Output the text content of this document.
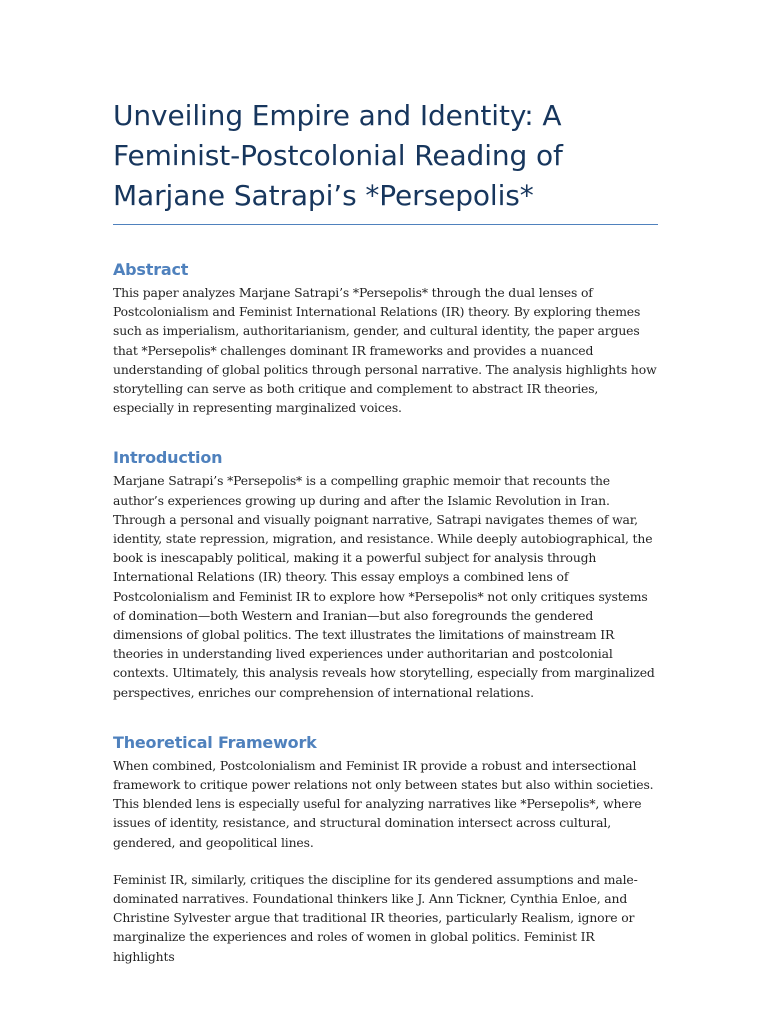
Unveiling Empire and Identity: A Feminist-Postcolonial Reading of Marjane Satrapi’s *Persepolis*
Abstract

This paper analyzes Marjane Satrapi’s *Persepolis* through the dual lenses of Postcolonialism and Feminist International Relations (IR) theory. By exploring themes such as imperialism, authoritarianism, gender, and cultural identity, the paper argues that *Persepolis* challenges dominant IR frameworks and provides a nuanced understanding of global politics through personal narrative. The analysis highlights how storytelling can serve as both critique and complement to abstract IR theories, especially in representing marginalized voices.

Introduction

Marjane Satrapi’s *Persepolis* is a compelling graphic memoir that recounts the author’s experiences growing up during and after the Islamic Revolution in Iran. Through a personal and visually poignant narrative, Satrapi navigates themes of war, identity, state repression, migration, and resistance. While deeply autobiographical, the book is inescapably political, making it a powerful subject for analysis through International Relations (IR) theory. This essay employs a combined lens of Postcolonialism and Feminist IR to explore how *Persepolis* not only critiques systems of domination—both Western and Iranian—but also foregrounds the gendered dimensions of global politics. The text illustrates the limitations of mainstream IR theories in understanding lived experiences under authoritarian and postcolonial contexts. Ultimately, this analysis reveals how storytelling, especially from marginalized perspectives, enriches our comprehension of international relations.

Theoretical Framework

When combined, Postcolonialism and Feminist IR provide a robust and intersectional framework to critique power relations not only between states but also within societies. This blended lens is especially useful for analyzing narratives like *Persepolis*, where issues of identity, resistance, and structural domination intersect across cultural, gendered, and geopolitical lines.

Feminist IR, similarly, critiques the discipline for its gendered assumptions and male-dominated narratives. Foundational thinkers like J. Ann Tickner, Cynthia Enloe, and Christine Sylvester argue that traditional IR theories, particularly Realism, ignore or marginalize the experiences and roles of women in global politics. Feminist IR highlights
